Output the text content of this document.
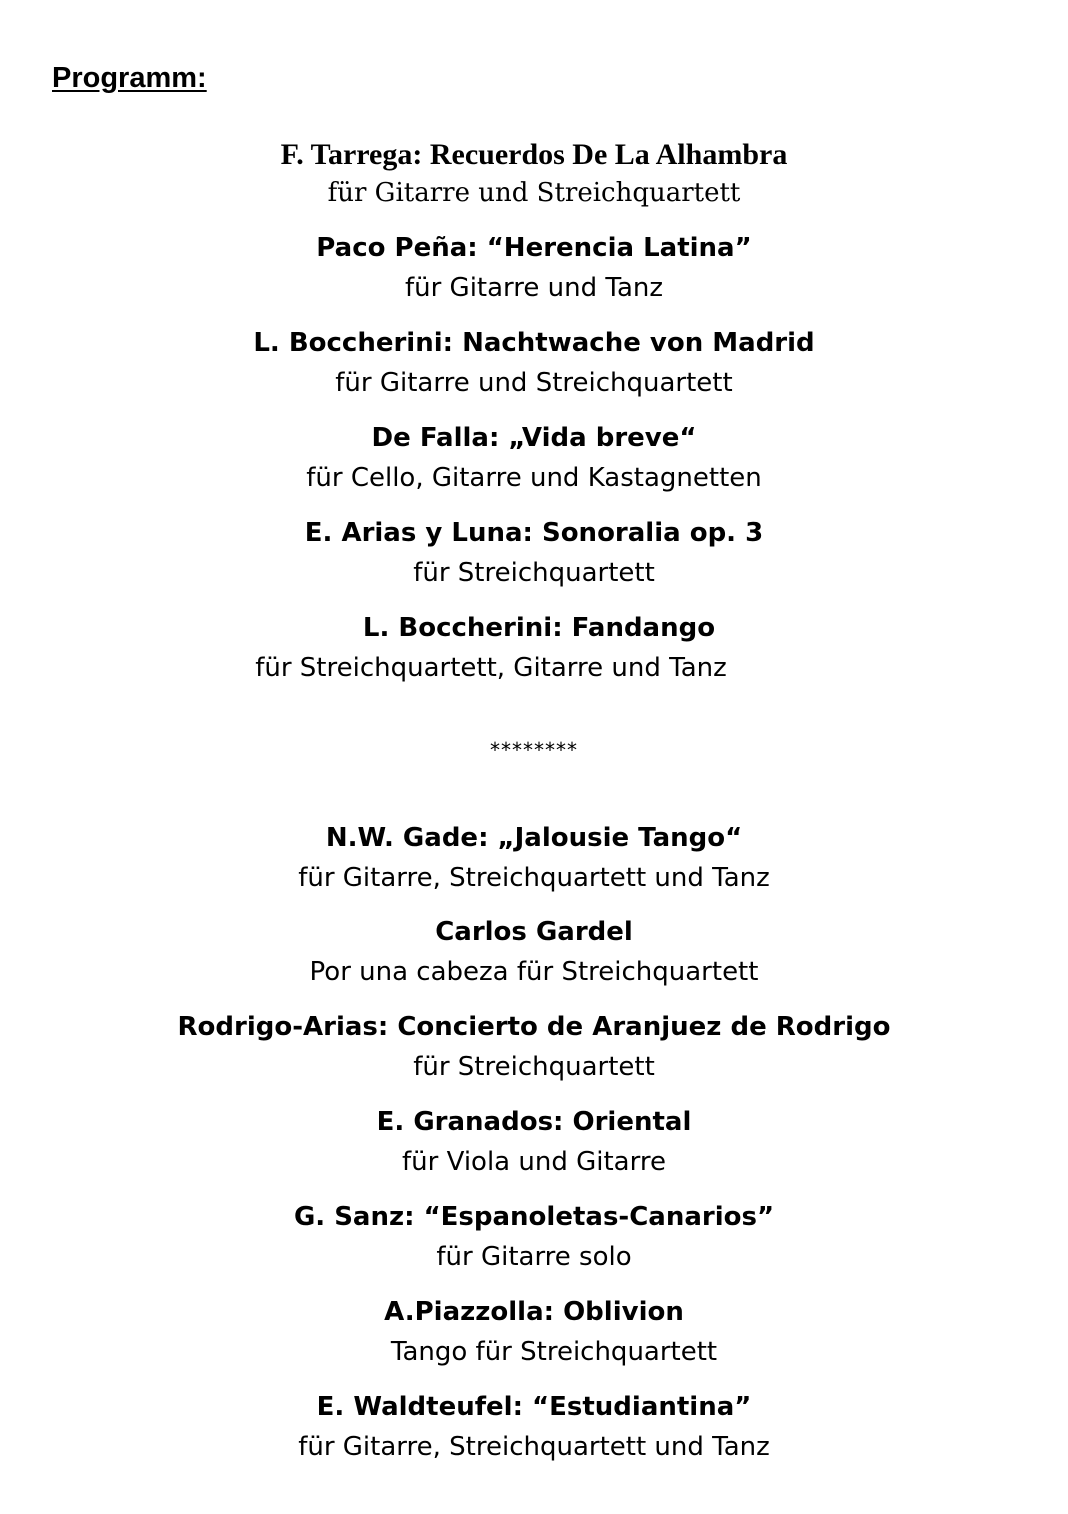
Programm:
F. Tarrega: Recuerdos De La Alhambra
für Gitarre und Streichquartett
Paco Peña: “Herencia Latina”
für Gitarre und Tanz
L. Boccherini: Nachtwache von Madrid
für Gitarre und Streichquartett
De Falla: „Vida breve“
für Cello, Gitarre und Kastagnetten
E. Arias y Luna: Sonoralia op. 3
für Streichquartett
L. Boccherini: Fandango
für Streichquartett, Gitarre und Tanz
********
N.W. Gade: „Jalousie Tango“
für Gitarre, Streichquartett und Tanz
Carlos Gardel
Por una cabeza für Streichquartett
Rodrigo-Arias: Concierto de Aranjuez de Rodrigo
für Streichquartett
E. Granados: Oriental
für Viola und Gitarre
G. Sanz: “Espanoletas-Canarios”
für Gitarre solo
A.Piazzolla: Oblivion
Tango für Streichquartett
E. Waldteufel: “Estudiantina”
für Gitarre, Streichquartett und Tanz
